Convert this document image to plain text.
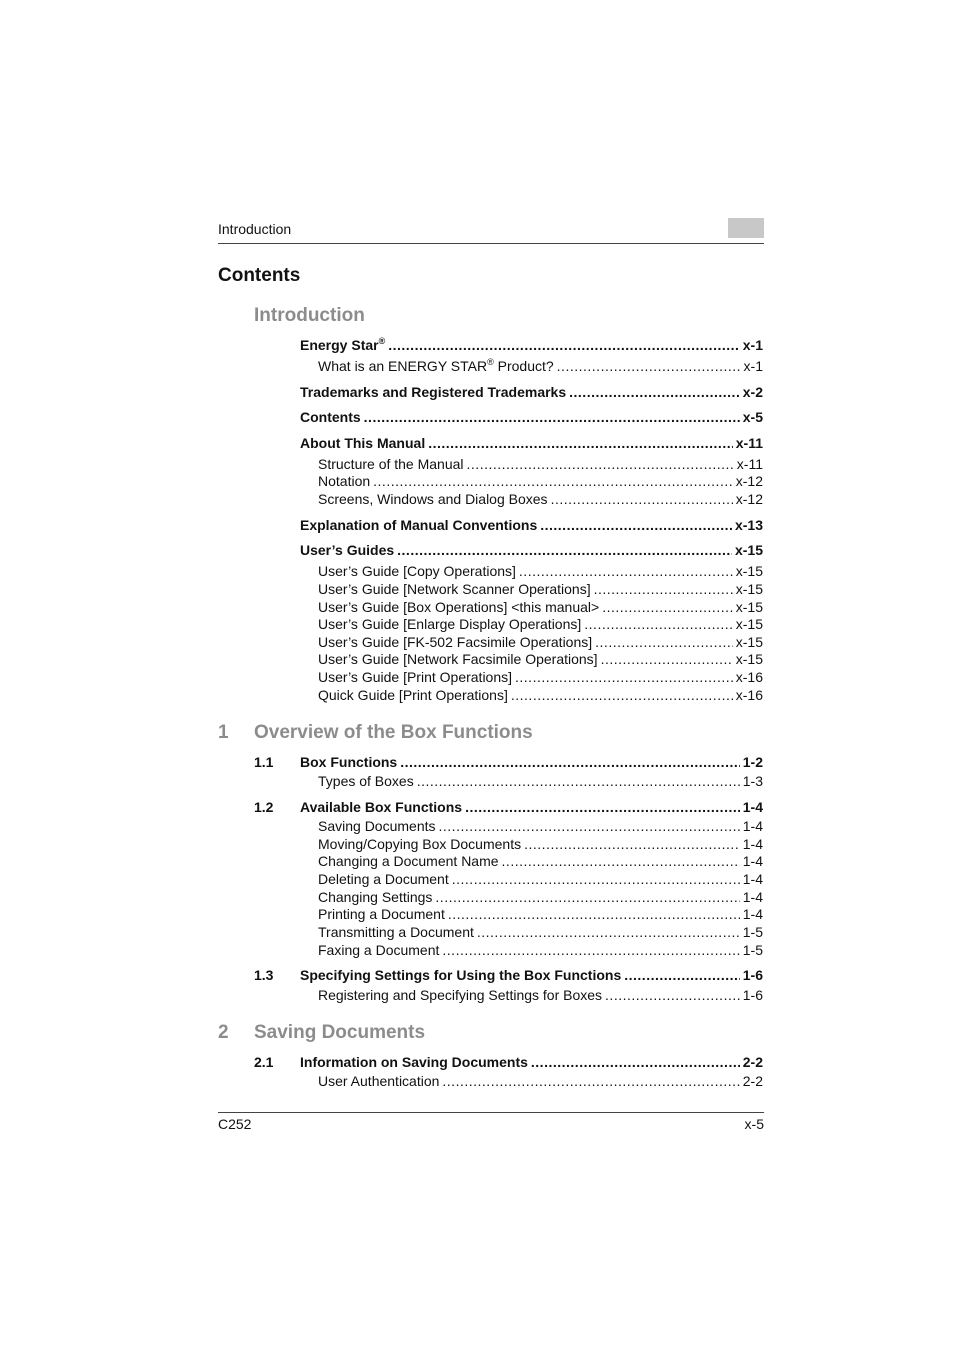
Introduction
Contents
Introduction
Energy Star® .....	x-1
What is an ENERGY STAR® Product? .....	x-1
Trademarks and Registered Trademarks .....	x-2
Contents .....	x-5
About This Manual .....	x-11
Structure of the Manual .....	x-11
Notation .....	x-12
Screens, Windows and Dialog Boxes .....	x-12
Explanation of Manual Conventions .....	x-13
User’s Guides .....	x-15
User’s Guide [Copy Operations] .....	x-15
User’s Guide [Network Scanner Operations] .....	x-15
User’s Guide [Box Operations] <this manual> .....	x-15
User’s Guide [Enlarge Display Operations] .....	x-15
User’s Guide [FK-502 Facsimile Operations] .....	x-15
User’s Guide [Network Facsimile Operations] .....	x-15
User’s Guide [Print Operations] .....	x-16
Quick Guide [Print Operations] .....	x-16
1 Overview of the Box Functions
1.1 Box Functions .....	1-2
Types of Boxes .....	1-3
1.2 Available Box Functions .....	1-4
Saving Documents .....	1-4
Moving/Copying Box Documents .....	1-4
Changing a Document Name .....	1-4
Deleting a Document .....	1-4
Changing Settings .....	1-4
Printing a Document .....	1-4
Transmitting a Document .....	1-5
Faxing a Document .....	1-5
1.3 Specifying Settings for Using the Box Functions .....	1-6
Registering and Specifying Settings for Boxes .....	1-6
2 Saving Documents
2.1 Information on Saving Documents .....	2-2
User Authentication .....	2-2
C252	x-5
